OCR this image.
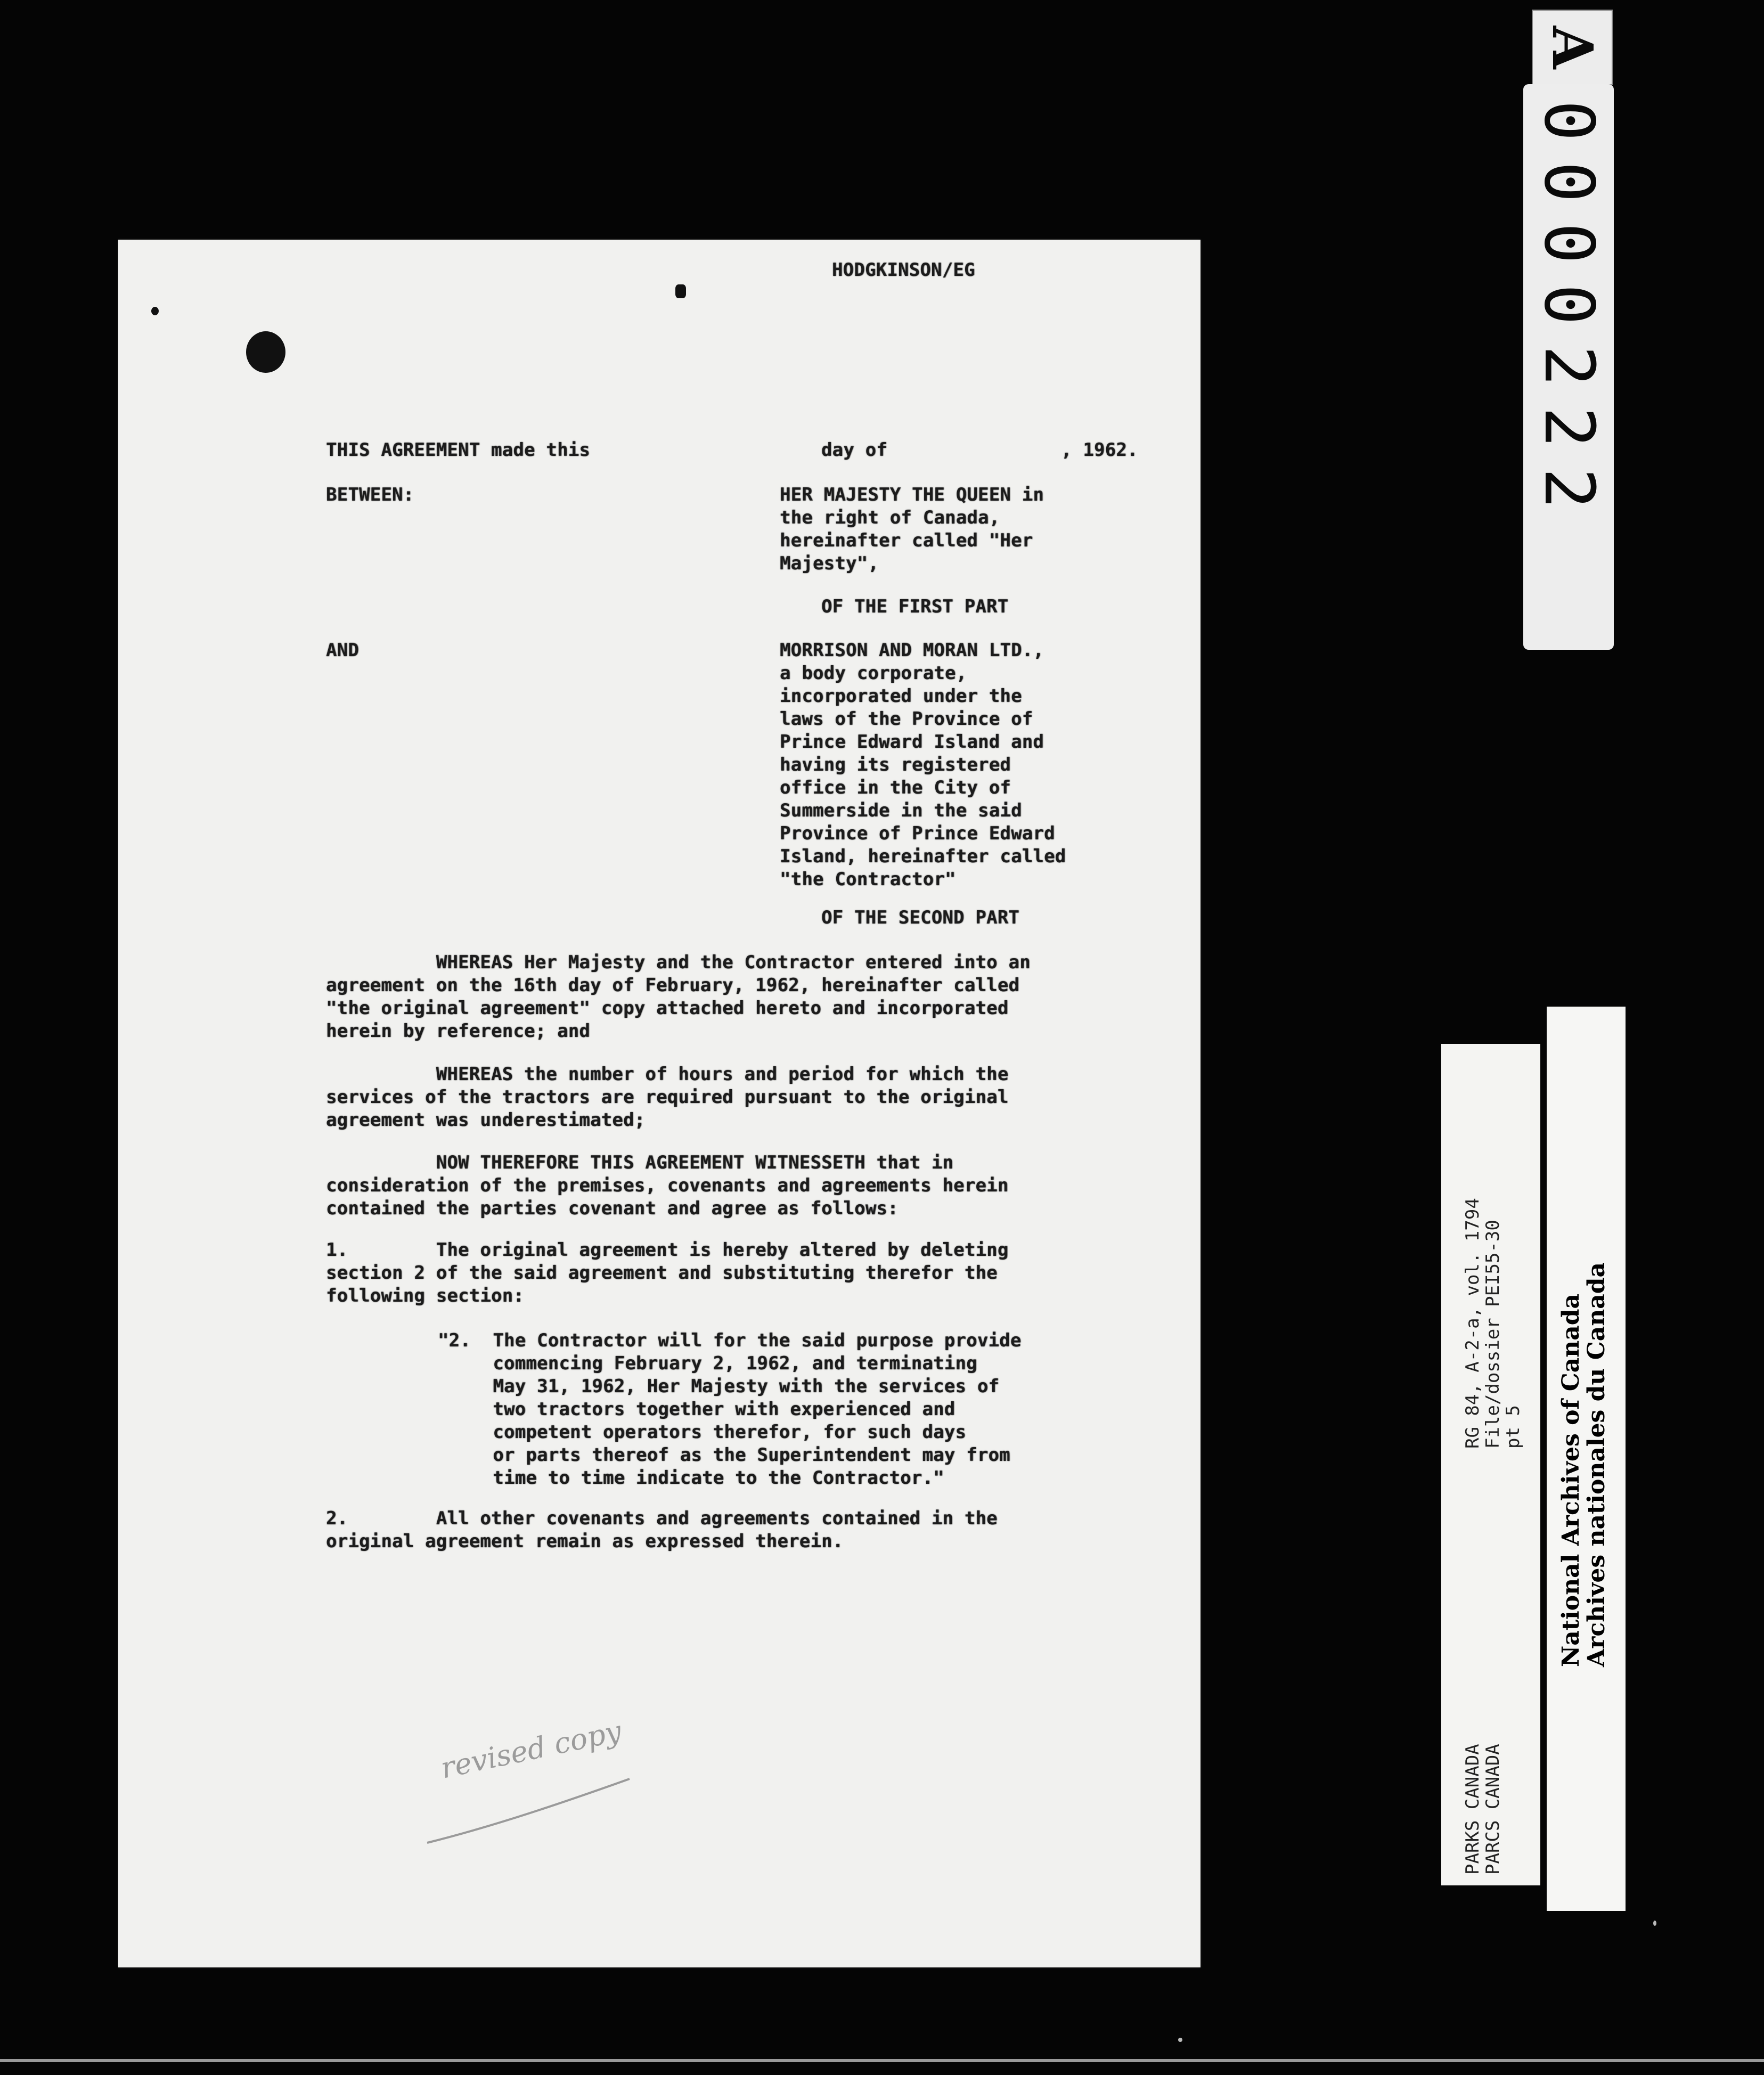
HODGKINSON/EG

THIS AGREEMENT made this	day of	, 1962.

BETWEEN:	HER MAJESTY THE QUEEN in

the right of Canada,

hereinafter called "Her

Majesty",

OF THE FIRST PART

AND	MORRISON AND MORAN LTD.,

a body corporate,

incorporated under the

laws of the Province of

Prince Edward Island and

having its registered

office in the City of

Summerside in the said

Province of Prince Edward

Island, hereinafter called

"the Contractor"

OF THE SECOND PART

WHEREAS Her Majesty and the Contractor entered into an

agreement on the 16th day of February, 1962, hereinafter called

"the original agreement" copy attached hereto and incorporated

herein by reference; and

WHEREAS the number of hours and period for which the

services of the tractors are required pursuant to the original

agreement was underestimated;

NOW THEREFORE THIS AGREEMENT WITNESSETH that in

consideration of the premises, covenants and agreements herein

contained the parties covenant and agree as follows:

1.        The original agreement is hereby altered by deleting

section 2 of the said agreement and substituting therefor the

following section:

"2.  The Contractor will for the said purpose provide

commencing February 2, 1962, and terminating

May 31, 1962, Her Majesty with the services of

two tractors together with experienced and

competent operators therefor, for such days

or parts thereof as the Superintendent may from

time to time indicate to the Contractor."

2.        All other covenants and agreements contained in the

original agreement remain as expressed therein.

revised copy
A
0000222
RG 84, A-2-a, vol. 1794
File/dossier PEI55-30
pt 5
PARKS CANADA
PARCS CANADA
National Archives of Canada
Archives nationales du Canada
